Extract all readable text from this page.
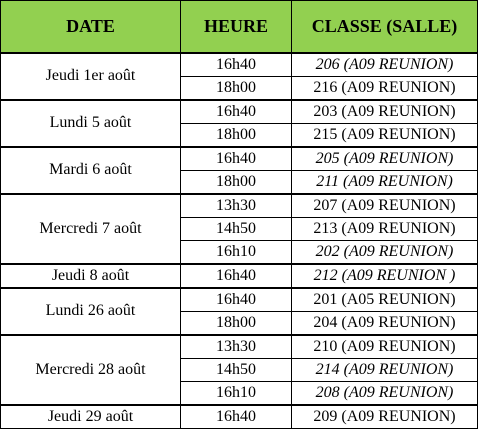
DATE	HEURE	CLASSE (SALLE)
Jeudi 1er août	16h40	206 (A09 REUNION)
	18h00	216 (A09 REUNION)
Lundi 5 août	16h40	203 (A09 REUNION)
	18h00	215 (A09 REUNION)
Mardi 6 août	16h40	205 (A09 REUNION)
	18h00	211 (A09 REUNION)
Mercredi 7 août	13h30	207 (A09 REUNION)
	14h50	213 (A09 REUNION)
	16h10	202 (A09 REUNION)
Jeudi 8 août	16h40	212 (A09 REUNION )
Lundi 26 août	16h40	201 (A05 REUNION)
	18h00	204 (A09 REUNION)
Mercredi 28 août	13h30	210 (A09 REUNION)
	14h50	214 (A09 REUNION)
	16h10	208 (A09 REUNION)
Jeudi 29 août	16h40	209 (A09 REUNION)
